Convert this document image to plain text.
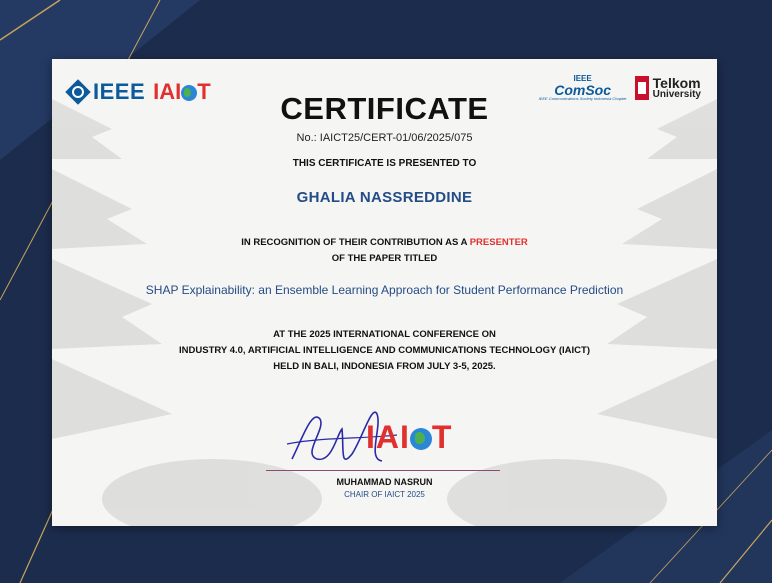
IEEE IAI T
IEEE
ComSoc
IEEE Communications Society Indonesia Chapter
Telkom
University
CERTIFICATE
No.: IAICT25/CERT-01/06/2025/075
THIS CERTIFICATE IS PRESENTED TO
GHALIA NASSREDDINE
IN RECOGNITION OF THEIR CONTRIBUTION AS A PRESENTER
OF THE PAPER TITLED
SHAP Explainability: an Ensemble Learning Approach for Student Performance Prediction
AT THE 2025 INTERNATIONAL CONFERENCE ON
INDUSTRY 4.0, ARTIFICIAL INTELLIGENCE AND COMMUNICATIONS TECHNOLOGY (IAICT)
HELD IN BALI, INDONESIA FROM JULY 3-5, 2025.
IAI T
MUHAMMAD NASRUN
CHAIR OF IAICT 2025
